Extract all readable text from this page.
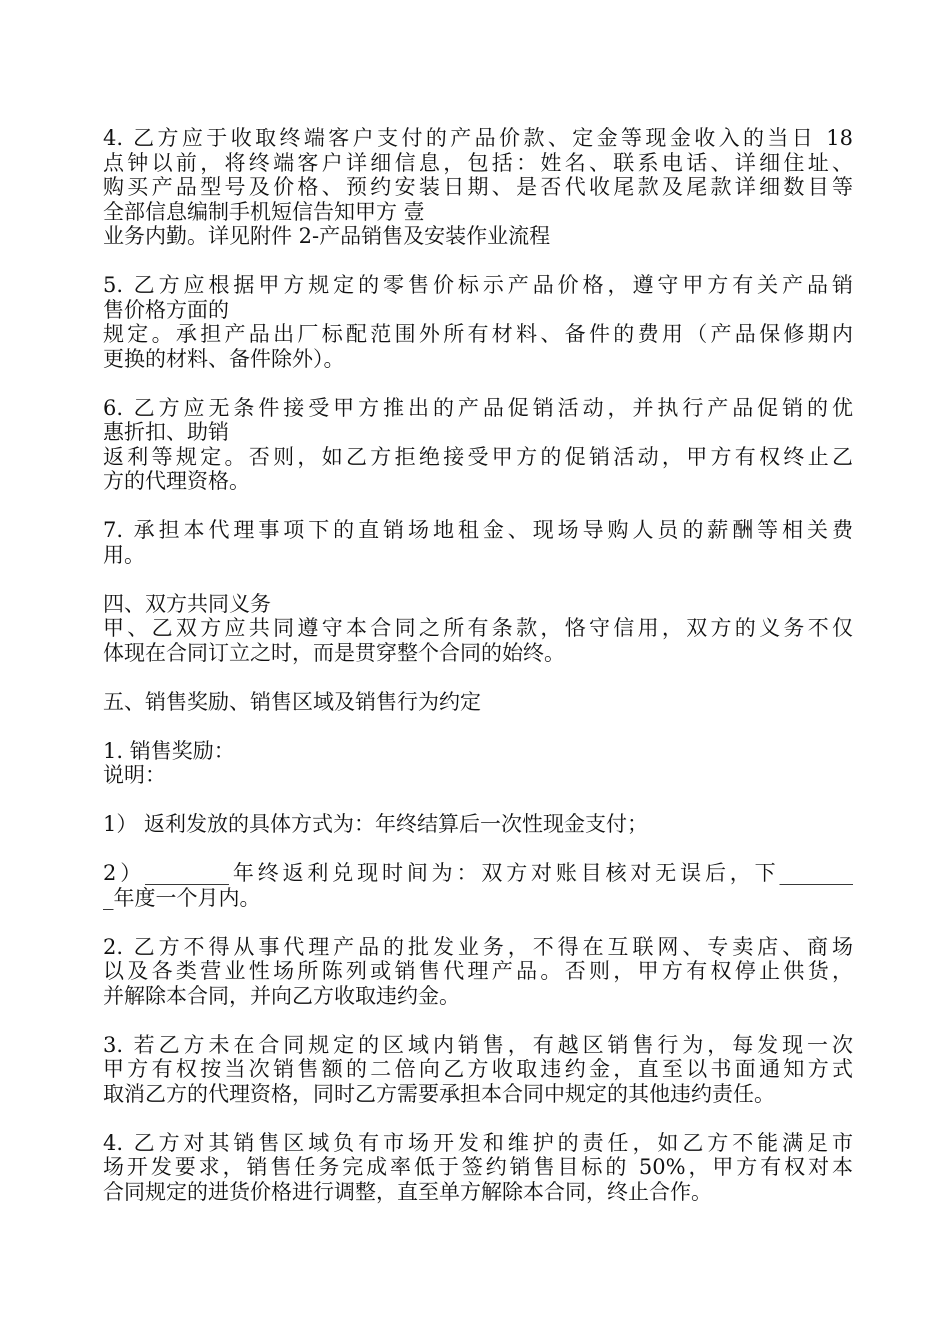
4. 乙方应于收取终端客户支付的产品价款、定金等现金收入的当日 18
点钟以前，将终端客户详细信息，包括：姓名、联系电话、详细住址、
购买产品型号及价格、预约安装日期、是否代收尾款及尾款详细数目等
全部信息编制手机短信告知甲方 壹
业务内勤。详见附件 2-产品销售及安装作业流程
5. 乙方应根据甲方规定的零售价标示产品价格，遵守甲方有关产品销
售价格方面的
规定。承担产品出厂标配范围外所有材料、备件的费用（产品保修期内
更换的材料、备件除外）。
6. 乙方应无条件接受甲方推出的产品促销活动，并执行产品促销的优
惠折扣、助销
返利等规定。否则，如乙方拒绝接受甲方的促销活动，甲方有权终止乙
方的代理资格。
7. 承担本代理事项下的直销场地租金、现场导购人员的薪酬等相关费
用。
四、双方共同义务
甲、乙双方应共同遵守本合同之所有条款，恪守信用，双方的义务不仅
体现在合同订立之时，而是贯穿整个合同的始终。
五、销售奖励、销售区域及销售行为约定
1. 销售奖励：
说明：
1） 返利发放的具体方式为：年终结算后一次性现金支付；
2）________年终返利兑现时间为：双方对账目核对无误后，下_______
_年度一个月内。
2. 乙方不得从事代理产品的批发业务，不得在互联网、专卖店、商场
以及各类营业性场所陈列或销售代理产品。否则，甲方有权停止供货，
并解除本合同，并向乙方收取违约金。
3. 若乙方未在合同规定的区域内销售，有越区销售行为，每发现一次
甲方有权按当次销售额的二倍向乙方收取违约金，直至以书面通知方式
取消乙方的代理资格，同时乙方需要承担本合同中规定的其他违约责任。
4. 乙方对其销售区域负有市场开发和维护的责任，如乙方不能满足市
场开发要求，销售任务完成率低于签约销售目标的 50%，甲方有权对本
合同规定的进货价格进行调整，直至单方解除本合同，终止合作。
